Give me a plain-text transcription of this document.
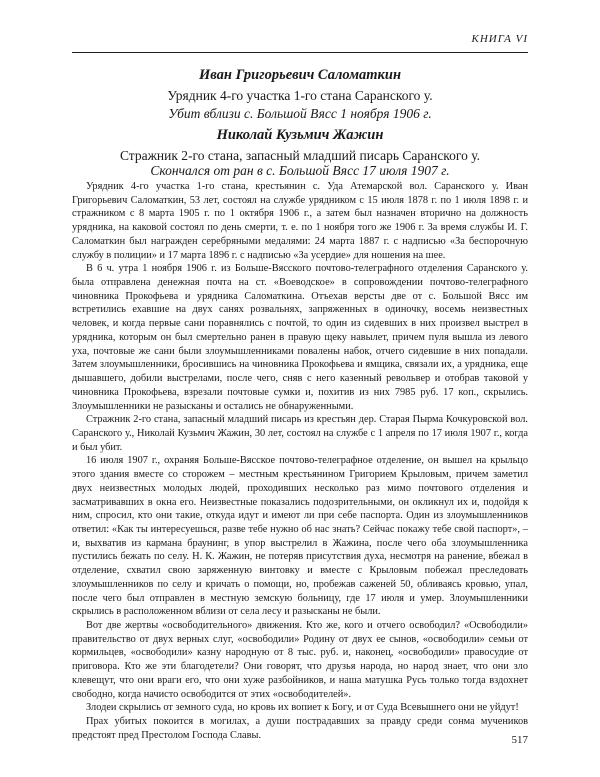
КНИГА VI
Иван Григорьевич Саломаткин
Урядник 4-го участка 1-го стана Саранского у.
Убит вблизи с. Большой Вясс 1 ноября 1906 г.
Николай Кузьмич Жажин
Стражник 2-го стана, запасный младший писарь Саранского у.
Скончался от ран в с. Большой Вясс 17 июля 1907 г.

Урядник 4-го участка 1-го стана, крестьянин с. Уда Атемарской вол. Саранского у. Иван Григорьевич Саломаткин, 53 лет, состоял на службе урядником с 15 июля 1878 г. по 1 июля 1898 г. и стражником с 8 марта 1905 г. по 1 октября 1906 г., а затем был назначен вторично на должность урядника, на каковой состоял по день смерти, т. е. по 1 ноября того же 1906 г. За время службы И. Г. Саломаткин был награжден серебряными медалями: 24 марта 1887 г. с надписью «За беспорочную службу в полиции» и 17 марта 1896 г. с надписью «За усердие» для ношения на шее.

В 6 ч. утра 1 ноября 1906 г. из Больше-Вясского почтово-телеграфного отделения Саранского у. была отправлена денежная почта на ст. «Воеводское» в сопровождении почтово-телеграфного чиновника Прокофьева и урядника Саломаткина. Отъехав версты две от с. Большой Вясс им встретились ехавшие на двух санях розвальнях, запряженных в одиночку, восемь неизвестных человек, и когда первые сани поравнялись с почтой, то один из сидевших в них произвел выстрел в урядника, которым он был смертельно ранен в правую щеку навылет, причем пуля вышла из левого уха, почтовые же сани были злоумышленниками повалены набок, отчего сидевшие в них попадали. Затем злоумышленники, бросившись на чиновника Прокофьева и ямщика, связали их, а урядника, еще дышавшего, добили выстрелами, после чего, сняв с него казенный револьвер и отобрав таковой у чиновника Прокофьева, взрезали почтовые сумки и, похитив из них 7985 руб. 17 коп., скрылись. Злоумышленники не разысканы и остались не обнаруженными.

Стражник 2-го стана, запасный младший писарь из крестьян дер. Старая Пырма Кочкуровской вол. Саранского у., Николай Кузьмич Жажин, 30 лет, состоял на службе с 1 апреля по 17 июля 1907 г., когда и был убит.

16 июля 1907 г., охраняя Больше-Вясское почтово-телеграфное отделение, он вышел на крыльцо этого здания вместе со сторожем – местным крестьянином Григорием Крыловым, причем заметил двух неизвестных молодых людей, проходивших несколько раз мимо почтового отделения и засматривавших в окна его. Неизвестные показались подозрительными, он окликнул их и, подойдя к ним, спросил, кто они такие, откуда идут и имеют ли при себе паспорта. Один из злоумышленников ответил: «Как ты интересуешься, разве тебе нужно об нас знать? Сейчас покажу тебе свой паспорт», – и, выхватив из кармана браунинг, в упор выстрелил в Жажина, после чего оба злоумышленника пустились бежать по селу. Н. К. Жажин, не потеряв присутствия духа, несмотря на ранение, вбежал в отделение, схватил свою заряженную винтовку и вместе с Крыловым побежал преследовать злоумышленников по селу и кричать о помощи, но, пробежав саженей 50, обливаясь кровью, упал, после чего был отправлен в местную земскую больницу, где 17 июля и умер. Злоумышленники скрылись в расположенном вблизи от села лесу и разысканы не были.

Вот две жертвы «освободительного» движения. Кто же, кого и отчего освободил? «Освободили» правительство от двух верных слуг, «освободили» Родину от двух ее сынов, «освободили» семьи от кормильцев, «освободили» казну народную от 8 тыс. руб. и, наконец, «освободили» правосудие от приговора. Кто же эти благодетели? Они говорят, что друзья народа, но народ знает, что они зло клевещут, что они враги его, что они хуже разбойников, и наша матушка Русь только тогда вздохнет свободно, когда начисто освободится от этих «освободителей».

Злодеи скрылись от земного суда, но кровь их вопиет к Богу, и от Суда Всевышнего они не уйдут!

Прах убитых покоится в могилах, а души пострадавших за правду среди сонма мучеников предстоят пред Престолом Господа Славы.	517
